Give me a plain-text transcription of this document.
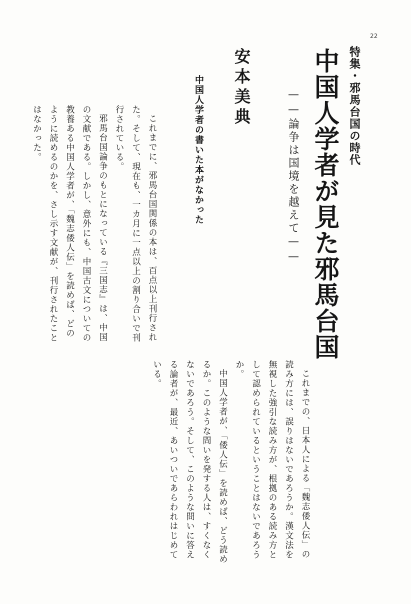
22
特集・邪馬台国の時代
中国人学者が見た邪馬台国
——論争は国境を越えて——
安本美典
中国人学者の書いた本がなかった

これまでに、邪馬台国関係の本は、百点以上刊行された。そして、現在も、一カ月に一点以上の割り合いで刊行されている。

邪馬台国論争のもとになっている『三国志』は、中国の文献である。しかし、意外にも、中国古文についての教養ある中国人学者が、「魏志倭人伝」を読めば、どのように読めるのかを、さし示す文献が、刊行されたことはなかった。

これまでの、日本人による「魏志倭人伝」の読み方には、誤りはないであろうか。漢文法を無視した強引な読み方が、根拠のある読み方として認められているということはないであろうか。

中国人学者が、「倭人伝」を読めば、どう読めるか。このような問いを発する人は、すくなくないであろう。そして、このような問いに答える論者が、最近、あいついであらわれはじめている。
